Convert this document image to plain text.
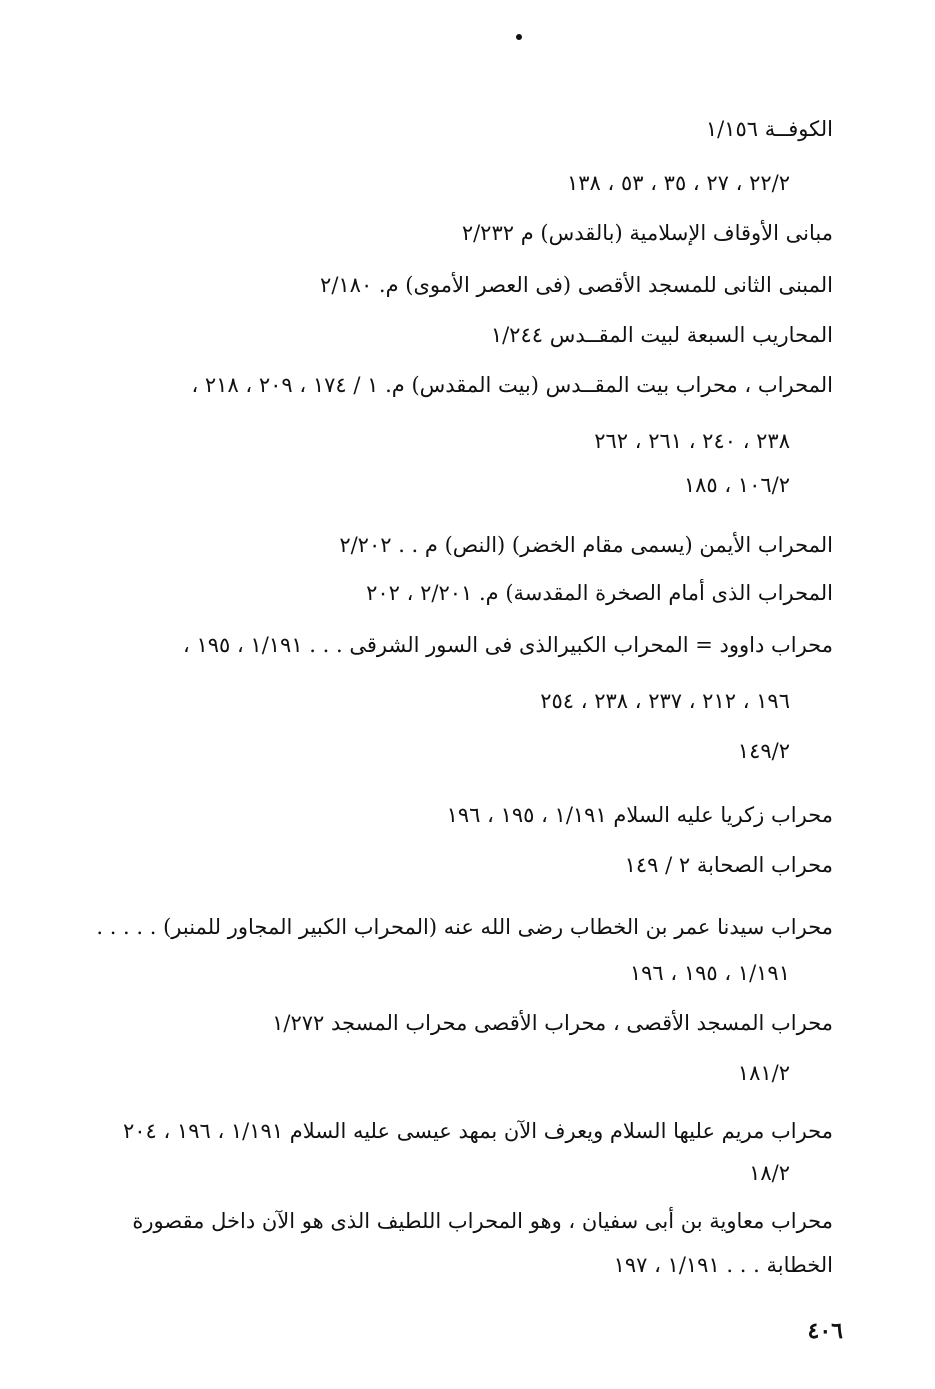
الكوفــة ١/١٥٦
٢٢/٢ ، ٢٧ ، ٣٥ ، ٥٣ ، ١٣٨
مبانى الأوقاف الإسلامية (بالقدس) م ٢/٢٣٢
المبنى الثانى للمسجد الأقصى (فى العصر الأموى) م. ٢/١٨٠
المحاريب السبعة لبيت المقــدس ١/٢٤٤
المحراب ، محراب بيت المقــدس (بيت المقدس) م. ١ / ١٧٤ ، ٢٠٩ ، ٢١٨ ،
٢٣٨ ، ٢٤٠ ، ٢٦١ ، ٢٦٢
١٠٦/٢ ، ١٨٥
المحراب الأيمن (يسمى مقام الخضر) (النص) م . . ٢/٢٠٢
المحراب الذى أمام الصخرة المقدسة) م. ٢/٢٠١ ، ٢٠٢
محراب داوود = المحراب الكبيرالذى فى السور الشرقى . . . ١/١٩١ ، ١٩٥ ،
١٩٦ ، ٢١٢ ، ٢٣٧ ، ٢٣٨ ، ٢٥٤
١٤٩/٢
محراب زكريا عليه السلام ١/١٩١ ، ١٩٥ ، ١٩٦
محراب الصحابة ٢ / ١٤٩
محراب سيدنا عمر بن الخطاب رضى الله عنه (المحراب الكبير المجاور للمنبر) . . . . .
١/١٩١ ، ١٩٥ ، ١٩٦
محراب المسجد الأقصى ، محراب الأقصى محراب المسجد ١/٢٧٢
١٨١/٢
محراب مريم عليها السلام ويعرف الآن بمهد عيسى عليه السلام ١/١٩١ ، ١٩٦ ، ٢٠٤
١٨/٢
محراب معاوية بن أبى سفيان ، وهو المحراب اللطيف الذى هو الآن داخل مقصورة
الخطابة . . . ١/١٩١ ، ١٩٧
٤٠٦
